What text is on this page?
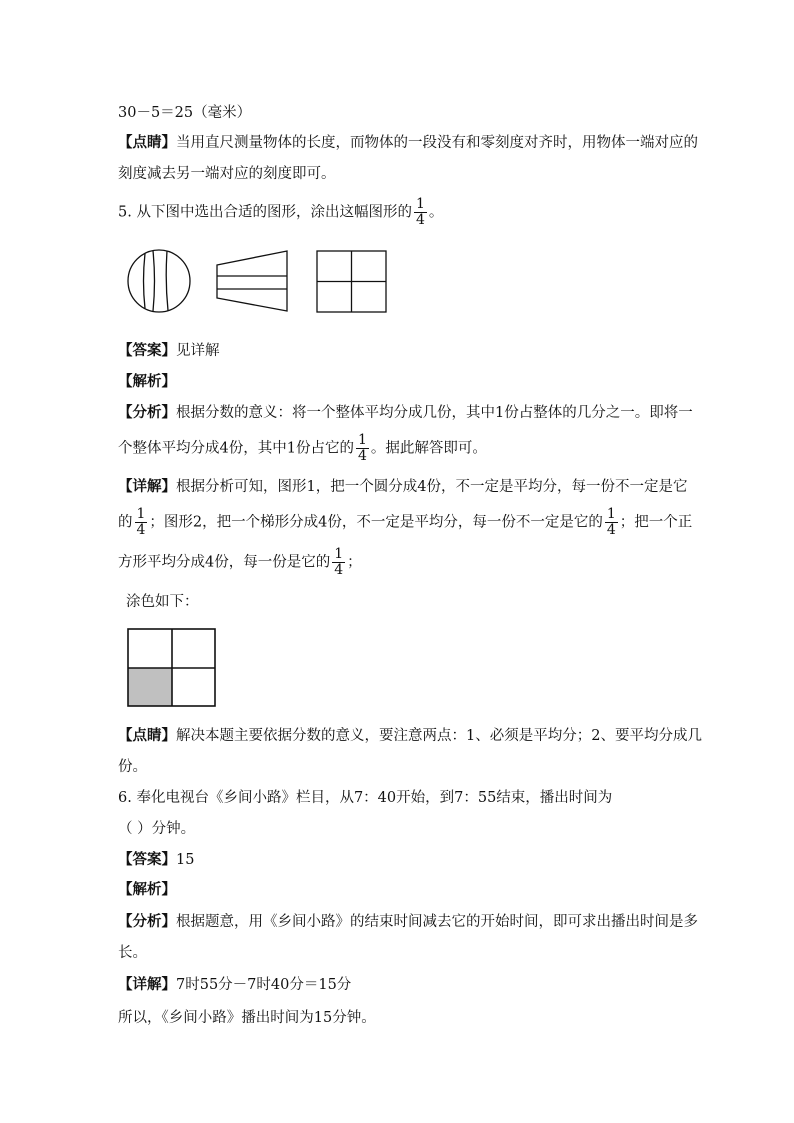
30－5＝25（毫米）
【点睛】当用直尺测量物体的长度，而物体的一段没有和零刻度对齐时，用物体一端对应的
刻度减去另一端对应的刻度即可。
5. 从下图中选出合适的图形，涂出这幅图形的 $\frac{1}{4}$ 。
【答案】见详解
【解析】
【分析】根据分数的意义：将一个整体平均分成几份，其中1份占整体的几分之一。即将一
个整体平均分成4份，其中1份占它的 $\frac{1}{4}$ 。据此解答即可。
【详解】根据分析可知，图形1，把一个圆分成4份，不一定是平均分，每一份不一定是它
的 $\frac{1}{4}$ ；图形2，把一个梯形分成4份，不一定是平均分，每一份不一定是它的 $\frac{1}{4}$ ；把一个正
方形平均分成4份，每一份是它的 $\frac{1}{4}$ ；
涂色如下：
【点睛】解决本题主要依据分数的意义，要注意两点：1、必须是平均分；2、要平均分成几
份。
6. 奉化电视台《乡间小路》栏目，从7：40开始，到7：55结束，播出时间为
（ ）分钟。
【答案】15
【解析】
【分析】根据题意，用《乡间小路》的结束时间减去它的开始时间，即可求出播出时间是多
长。
【详解】7时55分－7时40分＝15分
所以，《乡间小路》播出时间为15分钟。
